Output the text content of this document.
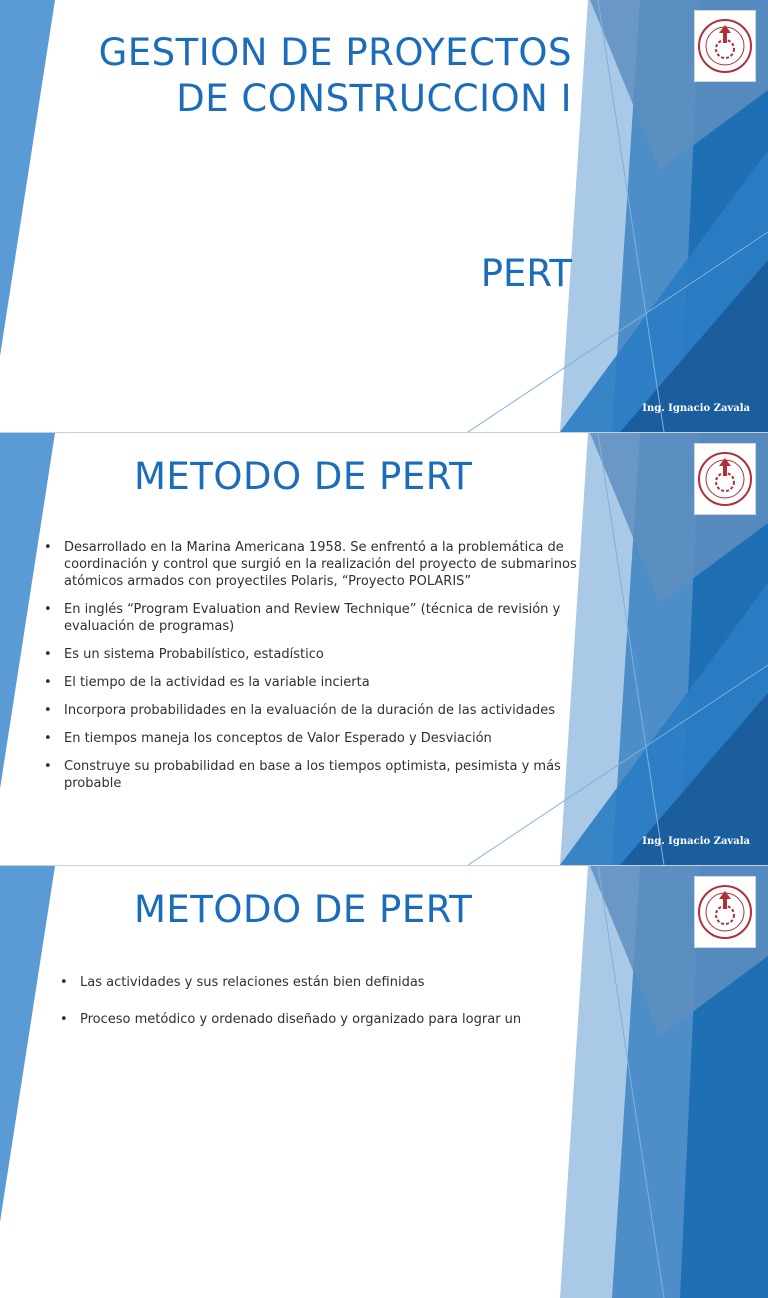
GESTION DE PROYECTOS
DE CONSTRUCCION I
PERT
Ing. Ignacio Zavala
METODO DE PERT
• Desarrollado en la Marina Americana 1958. Se enfrentó a la problemática de coordinación y control que surgió en la realización del proyecto de submarinos atómicos armados con proyectiles Polaris, “Proyecto POLARIS”
• En inglés “Program Evaluation and Review Technique” (técnica de revisión y evaluación de programas)
• Es un sistema Probabilístico, estadístico
• El tiempo de la actividad es la variable incierta
• Incorpora probabilidades en la evaluación de la duración de las actividades
• En tiempos maneja los conceptos de Valor Esperado y Desviación
• Construye su probabilidad en base a los tiempos optimista, pesimista y más probable
Ing. Ignacio Zavala
METODO DE PERT
• Las actividades y sus relaciones están bien definidas
• Proceso metódico y ordenado diseñado y organizado para lograr un
